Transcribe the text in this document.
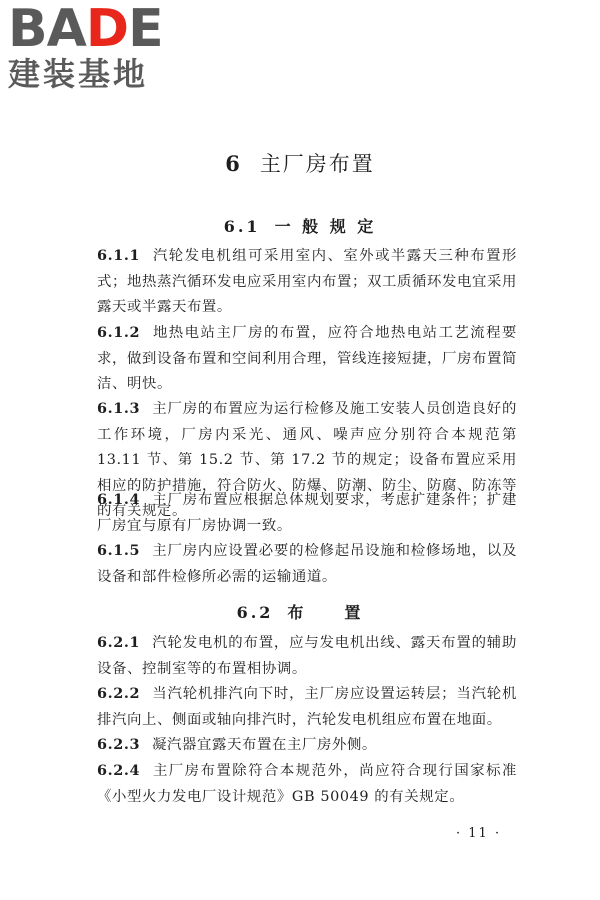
BADE
建装基地
6 主厂房布置
6.1 一 般 规 定
6.1.1 汽轮发电机组可采用室内、室外或半露天三种布置形式；地热蒸汽循环发电应采用室内布置；双工质循环发电宜采用露天或半露天布置。
6.1.2 地热电站主厂房的布置，应符合地热电站工艺流程要求，做到设备布置和空间利用合理，管线连接短捷，厂房布置简洁、明快。
6.1.3 主厂房的布置应为运行检修及施工安装人员创造良好的工作环境，厂房内采光、通风、噪声应分别符合本规范第 13.11 节、第 15.2 节、第 17.2 节的规定；设备布置应采用相应的防护措施，符合防火、防爆、防潮、防尘、防腐、防冻等的有关规定。
6.1.4 主厂房布置应根据总体规划要求，考虑扩建条件；扩建厂房宜与原有厂房协调一致。
6.1.5 主厂房内应设置必要的检修起吊设施和检修场地，以及设备和部件检修所必需的运输通道。
6.2 布　　置
6.2.1 汽轮发电机的布置，应与发电机出线、露天布置的辅助设备、控制室等的布置相协调。
6.2.2 当汽轮机排汽向下时，主厂房应设置运转层；当汽轮机排汽向上、侧面或轴向排汽时，汽轮发电机组应布置在地面。
6.2.3 凝汽器宜露天布置在主厂房外侧。
6.2.4 主厂房布置除符合本规范外，尚应符合现行国家标准《小型火力发电厂设计规范》GB 50049 的有关规定。
· 11 ·
